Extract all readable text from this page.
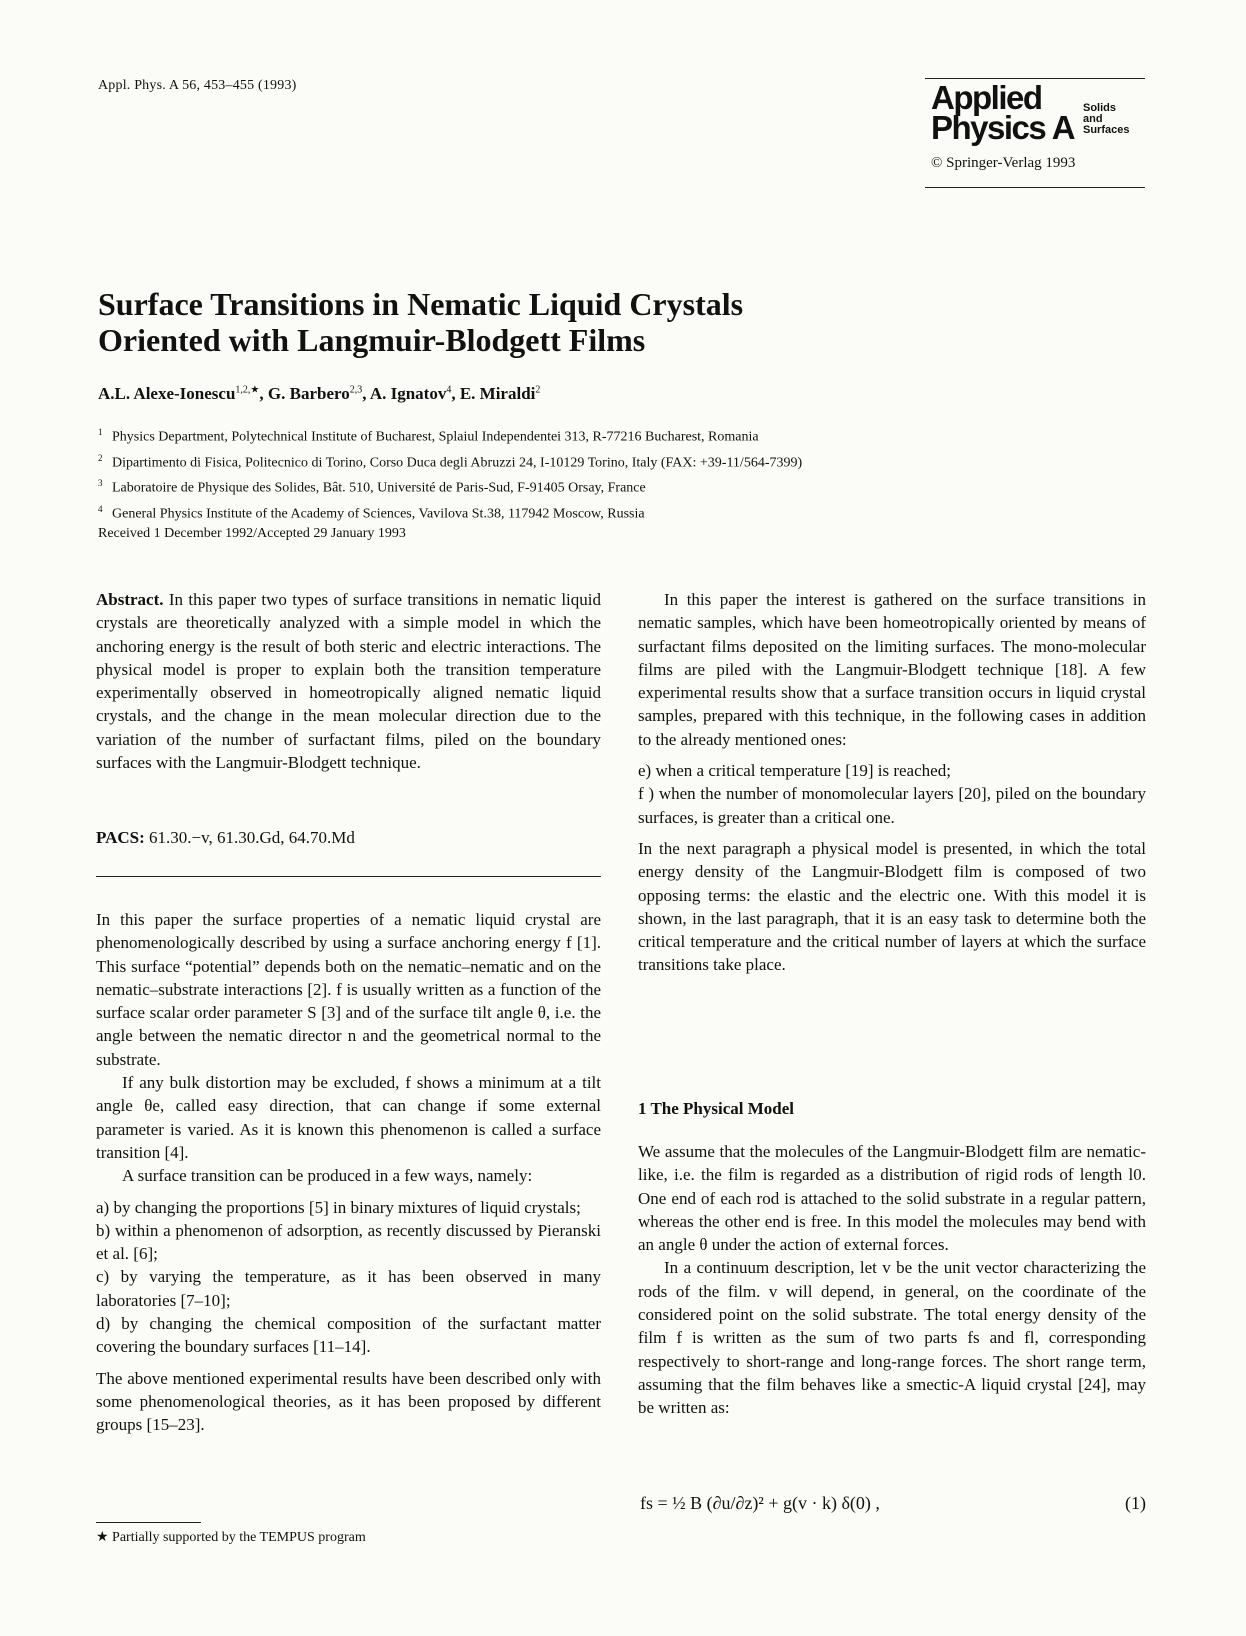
Appl. Phys. A 56, 453–455 (1993)	Applied
Physics A
Solids
and
Surfaces
© Springer-Verlag 1993
Surface Transitions in Nematic Liquid Crystals
Oriented with Langmuir-Blodgett Films
A.L. Alexe-Ionescu$^{1,2,★}$, G. Barbero$^{2,3}$, A. Ignatov$^4$, E. Miraldi$^2$
$^1$ Physics Department, Polytechnical Institute of Bucharest, Splaiul Independentei 313, R-77216 Bucharest, Romania
$^2$ Dipartimento di Fisica, Politecnico di Torino, Corso Duca degli Abruzzi 24, I-10129 Torino, Italy (FAX: +39-11/564-7399)
$^3$ Laboratoire de Physique des Solides, Bât. 510, Université de Paris-Sud, F-91405 Orsay, France
$^4$ General Physics Institute of the Academy of Sciences, Vavilova St.38, 117942 Moscow, Russia
Received 1 December 1992/Accepted 29 January 1993

Abstract. In this paper two types of surface transitions in nematic liquid crystals are theoretically analyzed with a simple model in which the anchoring energy is the result of both steric and electric interactions. The physical model is proper to explain both the transition temperature experimentally observed in homeotropically aligned nematic liquid crystals, and the change in the mean molecular direction due to the variation of the number of surfactant films, piled on the boundary surfaces with the Langmuir-Blodgett technique.

PACS: 61.30.−v, 61.30.Gd, 64.70.Md

In this paper the surface properties of a nematic liquid crystal are phenomenologically described by using a surface anchoring energy f [1]. This surface “potential” depends both on the nematic–nematic and on the nematic–substrate interactions [2]. f is usually written as a function of the surface scalar order parameter S [3] and of the surface tilt angle θ, i.e. the angle between the nematic director n and the geometrical normal to the substrate.

If any bulk distortion may be excluded, f shows a minimum at a tilt angle θe, called easy direction, that can change if some external parameter is varied. As it is known this phenomenon is called a surface transition [4].

A surface transition can be produced in a few ways, namely:

a) by changing the proportions [5] in binary mixtures of liquid crystals;

b) within a phenomenon of adsorption, as recently discussed by Pieranski et al. [6];

c) by varying the temperature, as it has been observed in many laboratories [7–10];

d) by changing the chemical composition of the surfactant matter covering the boundary surfaces [11–14].

The above mentioned experimental results have been described only with some phenomenological theories, as it has been proposed by different groups [15–23].

★ Partially supported by the TEMPUS program

In this paper the interest is gathered on the surface transitions in nematic samples, which have been homeotropically oriented by means of surfactant films deposited on the limiting surfaces. The mono-molecular films are piled with the Langmuir-Blodgett technique [18]. A few experimental results show that a surface transition occurs in liquid crystal samples, prepared with this technique, in the following cases in addition to the already mentioned ones:

e) when a critical temperature [19] is reached;

f ) when the number of monomolecular layers [20], piled on the boundary surfaces, is greater than a critical one.

In the next paragraph a physical model is presented, in which the total energy density of the Langmuir-Blodgett film is composed of two opposing terms: the elastic and the electric one. With this model it is shown, in the last paragraph, that it is an easy task to determine both the critical temperature and the critical number of layers at which the surface transitions take place.

1 The Physical Model

We assume that the molecules of the Langmuir-Blodgett film are nematic-like, i.e. the film is regarded as a distribution of rigid rods of length l0. One end of each rod is attached to the solid substrate in a regular pattern, whereas the other end is free. In this model the molecules may bend with an angle θ under the action of external forces.

In a continuum description, let v be the unit vector characterizing the rods of the film. v will depend, in general, on the coordinate of the considered point on the solid substrate. The total energy density of the film f is written as the sum of two parts fs and fl, corresponding respectively to short-range and long-range forces. The short range term, assuming that the film behaves like a smectic-A liquid crystal [24], may be written as:

fs = ½ B (∂u/∂z)² + g(v · k) δ(0) ,	(1)
